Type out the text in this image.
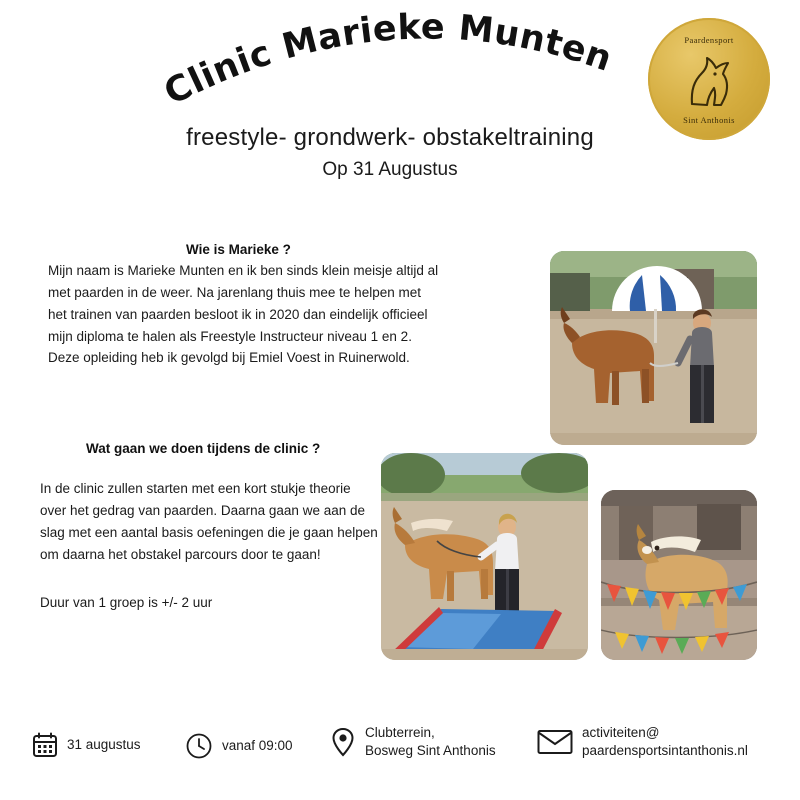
Clinic Marieke Munten
freestyle- grondwerk- obstakeltraining
Op 31 Augustus
Paardensport
Sint Anthonis
Wie is Marieke ?
Mijn naam is Marieke Munten en ik ben sinds klein meisje altijd al met paarden in de weer. Na jarenlang thuis mee te helpen met het trainen van paarden besloot ik in 2020 dan eindelijk officieel mijn diploma te halen als Freestyle Instructeur niveau 1 en 2. Deze opleiding heb ik gevolgd bij Emiel Voest in Ruinerwold.
Wat gaan we doen tijdens de clinic ?
In de clinic zullen starten met een kort stukje theorie over het gedrag van paarden. Daarna gaan we aan de slag met een aantal basis oefeningen die je gaan helpen om daarna het obstakel parcours door te gaan!
Duur van 1 groep is +/- 2 uur
31 augustus	vanaf 09:00
Clubterrein,
Bosweg Sint Anthonis
activiteiten@
paardensportsintanthonis.nl
